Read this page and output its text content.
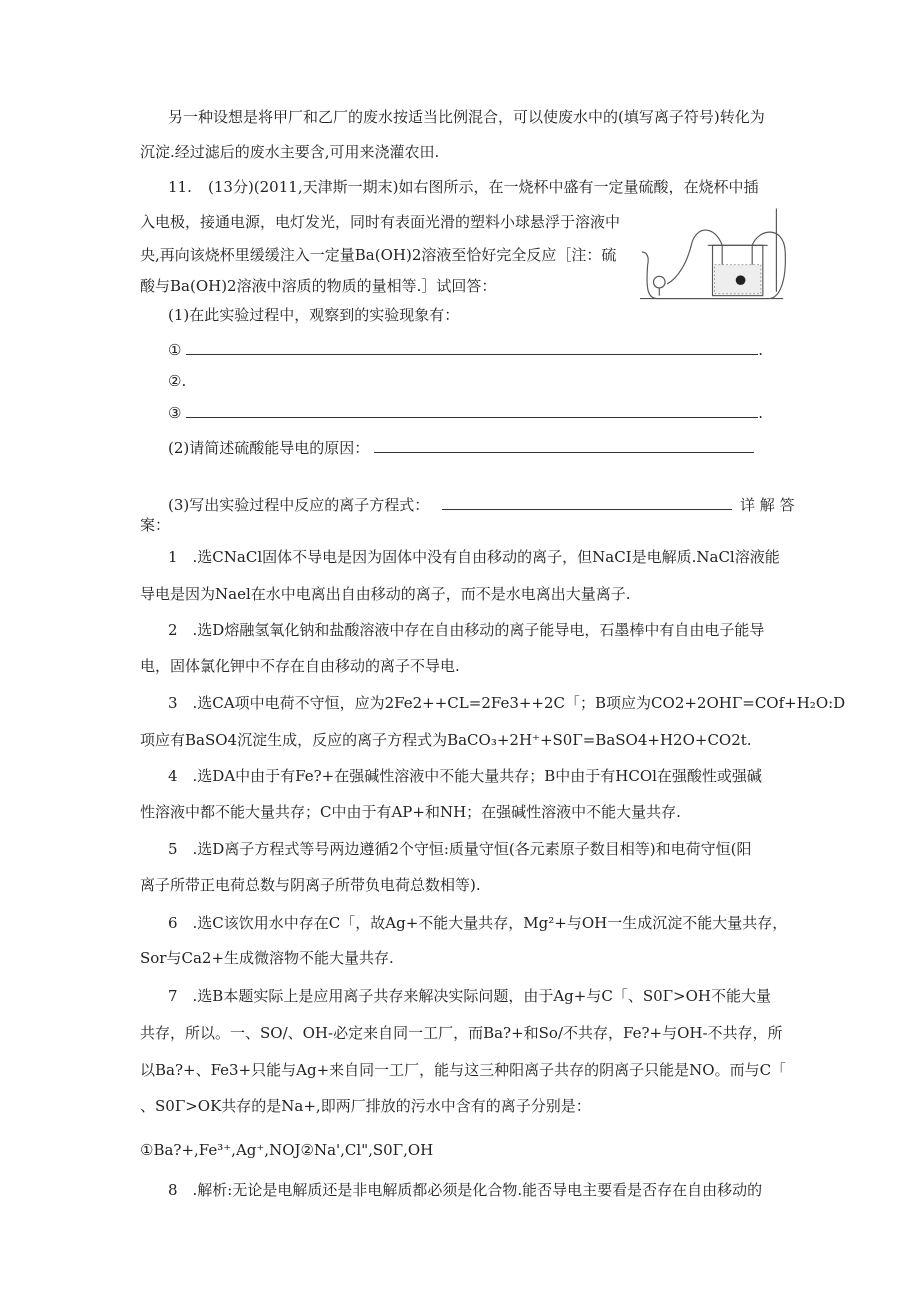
另一种设想是将甲厂和乙厂的废水按适当比例混合，可以使废水中的(填写离子符号)转化为
沉淀.经过滤后的废水主要含,可用来浇灌农田.
11.	(13分)(2011,天津斯一期末)如右图所示，在一烧杯中盛有一定量硫酸，在烧杯中插
入电极，接通电源，电灯发光，同时有表面光滑的塑料小球悬浮于溶液中
央,再向该烧杯里缓缓注入一定量Ba(OH)2溶液至恰好完全反应［注：硫
酸与Ba(OH)2溶液中溶质的物质的量相等.］试回答：
(1)在此实验过程中，观察到的实验现象有：
①	.
②.
③	.
(2)请简述硫酸能导电的原因：
(3)写出实验过程中反应的离子方程式：	详 解 答
案：
1　.选CNaCl固体不导电是因为固体中没有自由移动的离子，但NaCI是电解质.NaCl溶液能
导电是因为Nael在水中电离出自由移动的离子，而不是水电离出大量离子.
2　.选D熔融氢氧化钠和盐酸溶液中存在自由移动的离子能导电，石墨棒中有自由电子能导
电，固体氯化钾中不存在自由移动的离子不导电.
3　.选CA项中电荷不守恒，应为2Fe2++CL=2Fe3++2C「；B项应为CO2+2OHΓ=COf+H₂O:D
项应有BaSO4沉淀生成，反应的离子方程式为BaCO₃+2H⁺+S0Γ=BaSO4+H2O+CO2t.
4　.选DA中由于有Fe?+在强碱性溶液中不能大量共存；B中由于有HCOl在强酸性或强碱
性溶液中都不能大量共存；C中由于有AP+和NH；在强碱性溶液中不能大量共存.
5　.选D离子方程式等号两边遵循2个守恒:质量守恒(各元素原子数目相等)和电荷守恒(阳
离子所带正电荷总数与阴离子所带负电荷总数相等).
6　.选C该饮用水中存在C「，故Ag+不能大量共存，Mg²+与OH一生成沉淀不能大量共存，
Sor与Ca2+生成微溶物不能大量共存.
7　.选B本题实际上是应用离子共存来解决实际问题，由于Ag+与C「、S0Γ>OH不能大量
共存，所以。一、SO/、OH-必定来自同一工厂，而Ba?+和So/不共存，Fe?+与OH-不共存，所
以Ba?+、Fe3+只能与Ag+来自同一工厂，能与这三种阳离子共存的阴离子只能是NO。而与C「
、S0Γ>OK共存的是Na+,即两厂排放的污水中含有的离子分别是：
①Ba?+,Fe³⁺,Ag⁺,NOJ②Na',Cl",S0Γ,OH
8　.解析:无论是电解质还是非电解质都必须是化合物.能否导电主要看是否存在自由移动的
